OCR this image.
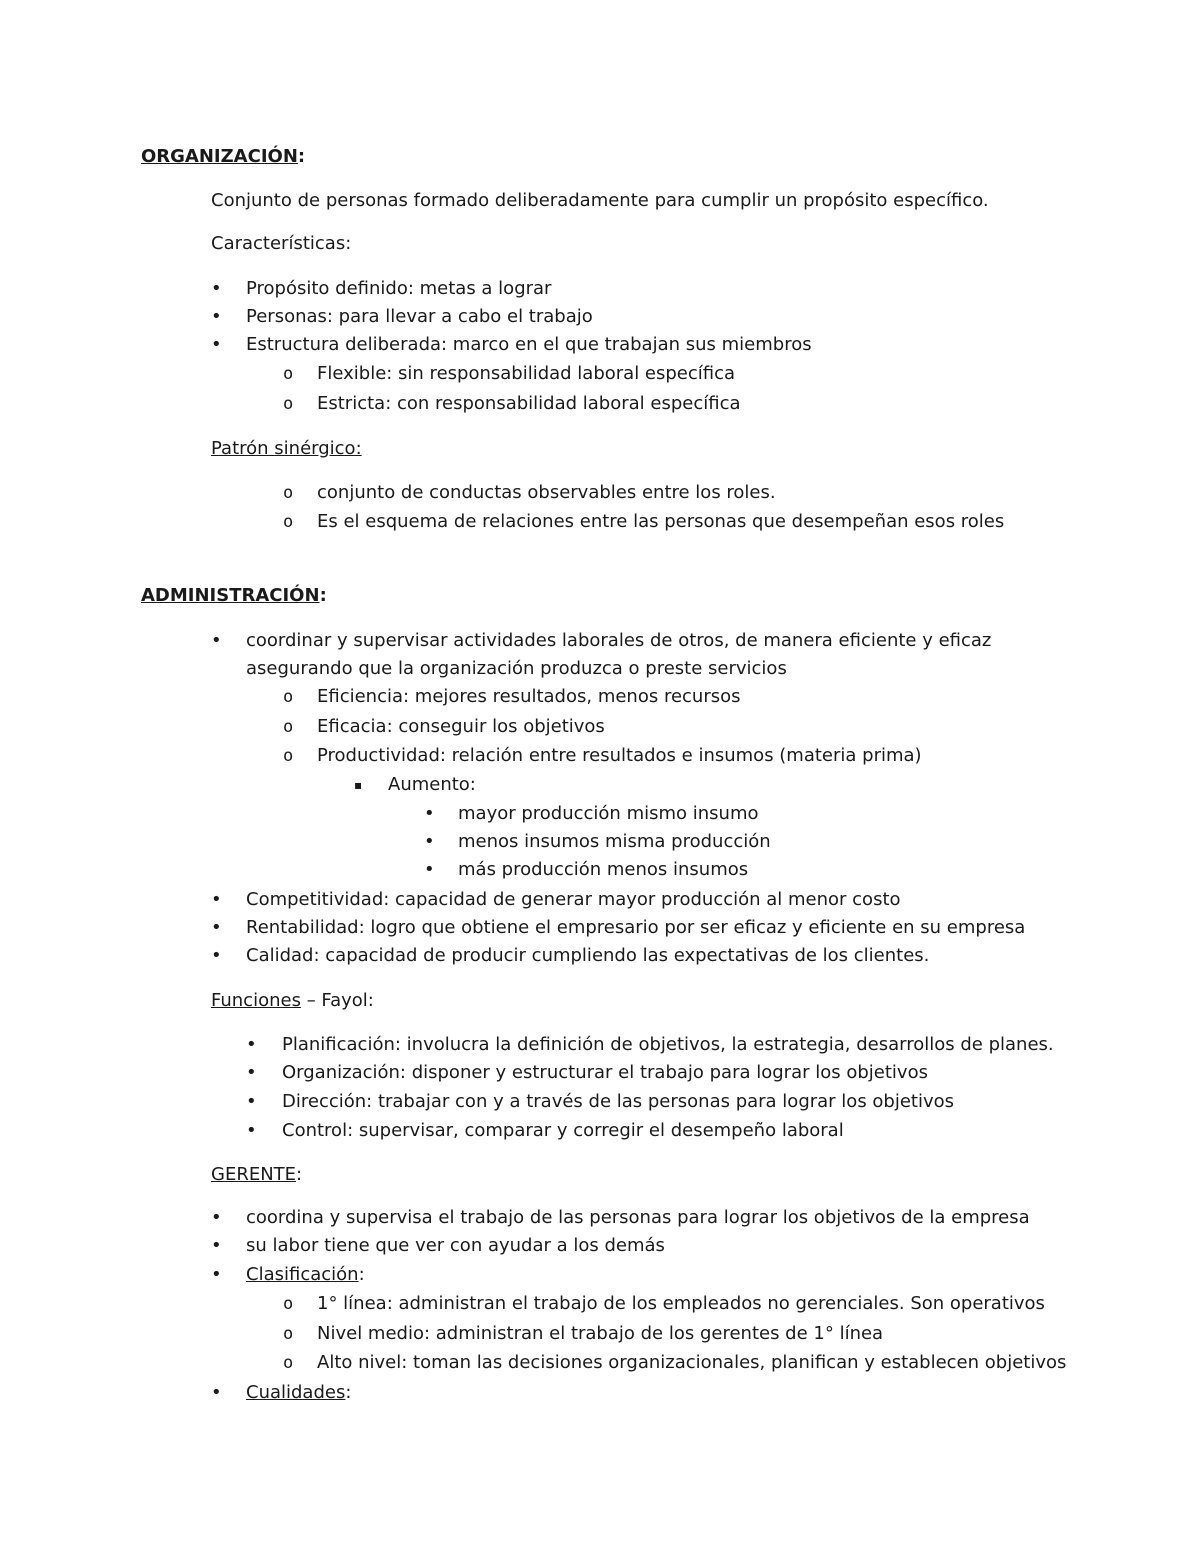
ORGANIZACIÓN:
Conjunto de personas formado deliberadamente para cumplir un propósito específico.
Características:
• Propósito definido: metas a lograr
• Personas: para llevar a cabo el trabajo
• Estructura deliberada: marco en el que trabajan sus miembros
o Flexible: sin responsabilidad laboral específica
o Estricta: con responsabilidad laboral específica
Patrón sinérgico:
o conjunto de conductas observables entre los roles.
o Es el esquema de relaciones entre las personas que desempeñan esos roles
ADMINISTRACIÓN:
• coordinar y supervisar actividades laborales de otros, de manera eficiente y eficaz
asegurando que la organización produzca o preste servicios
o Eficiencia: mejores resultados, menos recursos
o Eficacia: conseguir los objetivos
o Productividad: relación entre resultados e insumos (materia prima)
▪ Aumento:
• mayor producción mismo insumo
• menos insumos misma producción
• más producción menos insumos
• Competitividad: capacidad de generar mayor producción al menor costo
• Rentabilidad: logro que obtiene el empresario por ser eficaz y eficiente en su empresa
• Calidad: capacidad de producir cumpliendo las expectativas de los clientes.
Funciones – Fayol:
• Planificación: involucra la definición de objetivos, la estrategia, desarrollos de planes.
• Organización: disponer y estructurar el trabajo para lograr los objetivos
• Dirección: trabajar con y a través de las personas para lograr los objetivos
• Control: supervisar, comparar y corregir el desempeño laboral
GERENTE:
• coordina y supervisa el trabajo de las personas para lograr los objetivos de la empresa
• su labor tiene que ver con ayudar a los demás
• Clasificación:
o 1° línea: administran el trabajo de los empleados no gerenciales. Son operativos
o Nivel medio: administran el trabajo de los gerentes de 1° línea
o Alto nivel: toman las decisiones organizacionales, planifican y establecen objetivos
• Cualidades:
